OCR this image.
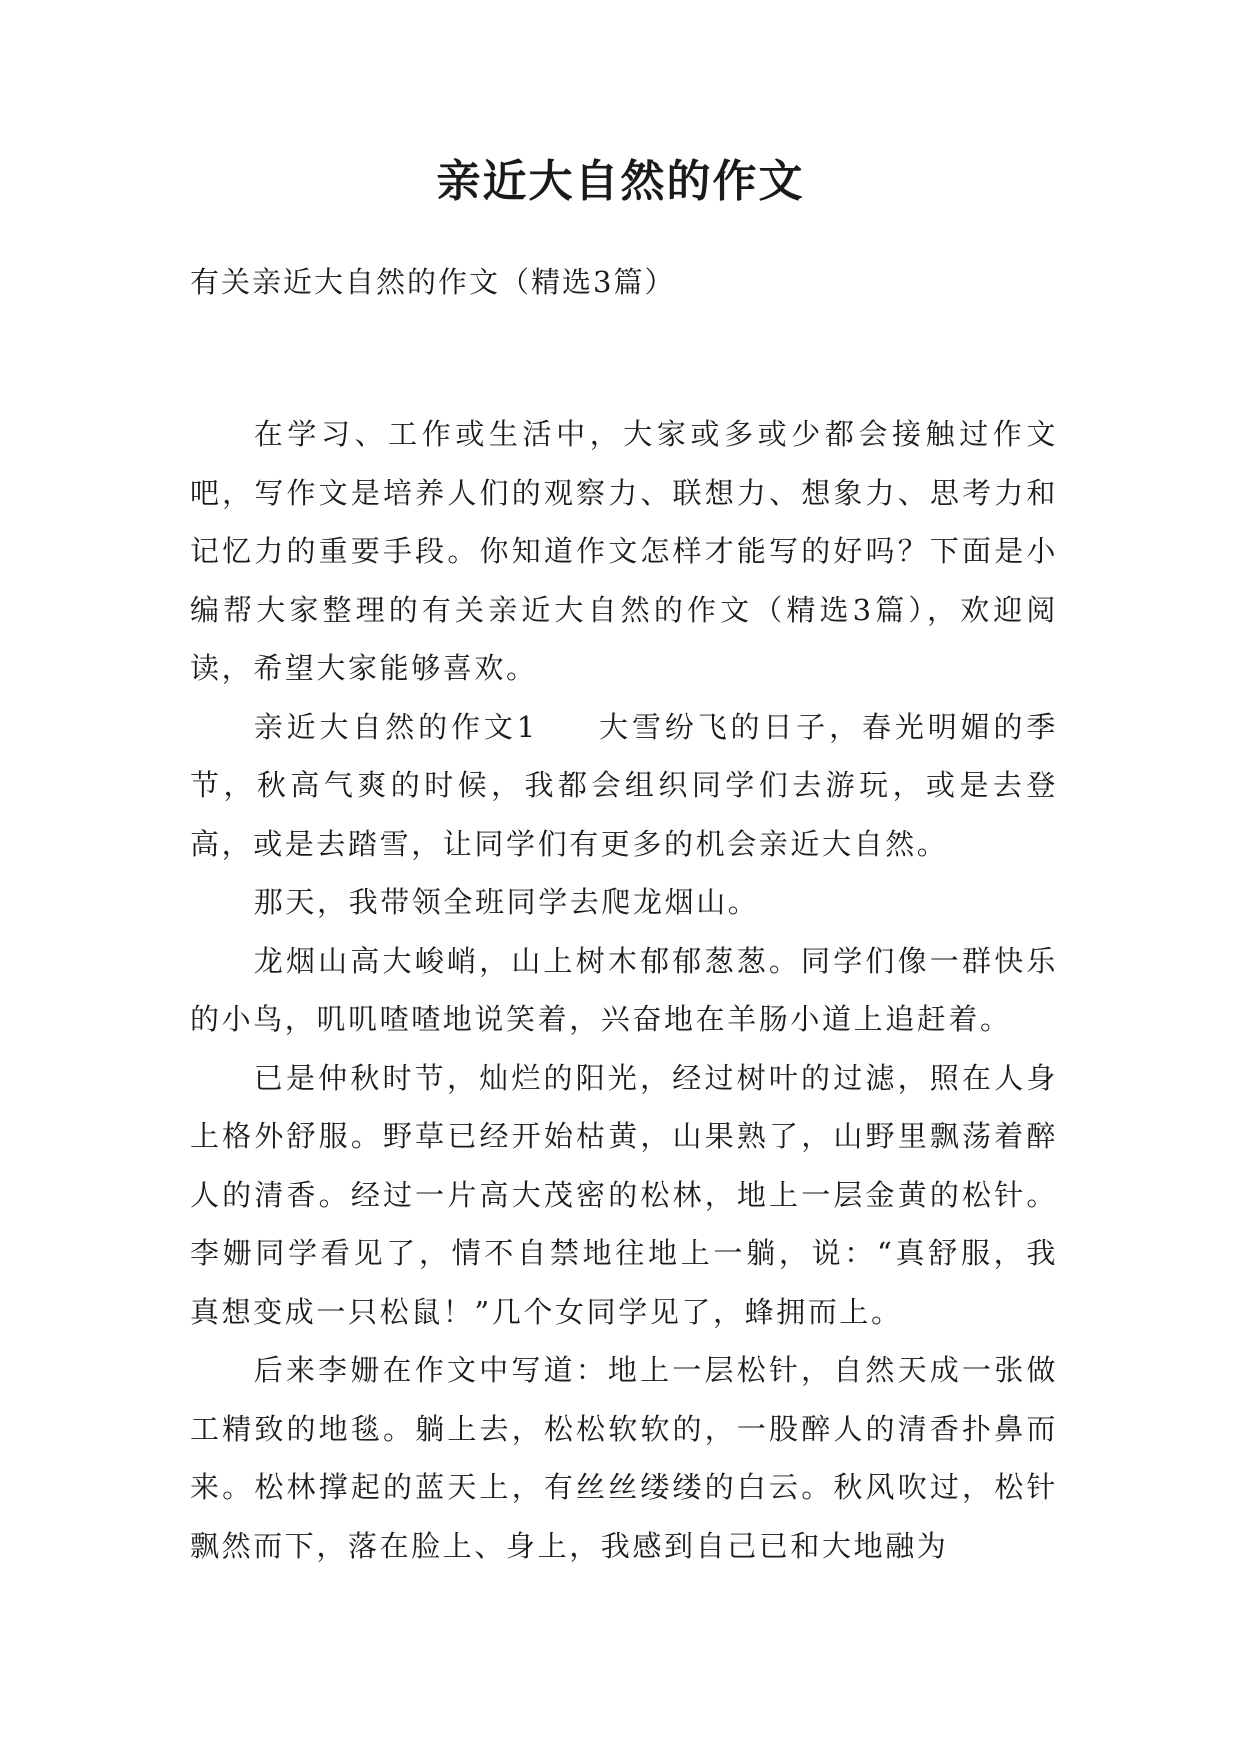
亲近大自然的作文

有关亲近大自然的作文（精选3篇）

在学习、工作或生活中，大家或多或少都会接触过作文吧，写作文是培养人们的观察力、联想力、想象力、思考力和记忆力的重要手段。你知道作文怎样才能写的好吗？下面是小编帮大家整理的有关亲近大自然的作文（精选3篇），欢迎阅读，希望大家能够喜欢。

亲近大自然的作文1 大雪纷飞的日子，春光明媚的季节，秋高气爽的时候，我都会组织同学们去游玩，或是去登高，或是去踏雪，让同学们有更多的机会亲近大自然。

那天，我带领全班同学去爬龙烟山。

龙烟山高大峻峭，山上树木郁郁葱葱。同学们像一群快乐的小鸟，叽叽喳喳地说笑着，兴奋地在羊肠小道上追赶着。

已是仲秋时节，灿烂的阳光，经过树叶的过滤，照在人身上格外舒服。野草已经开始枯黄，山果熟了，山野里飘荡着醉人的清香。经过一片高大茂密的松林，地上一层金黄的松针。李姗同学看见了，情不自禁地往地上一躺，说：“真舒服，我真想变成一只松鼠！”几个女同学见了，蜂拥而上。

后来李姗在作文中写道：地上一层松针，自然天成一张做工精致的地毯。躺上去，松松软软的，一股醉人的清香扑鼻而来。松林撑起的蓝天上，有丝丝缕缕的白云。秋风吹过，松针飘然而下，落在脸上、身上，我感到自己已和大地融为
